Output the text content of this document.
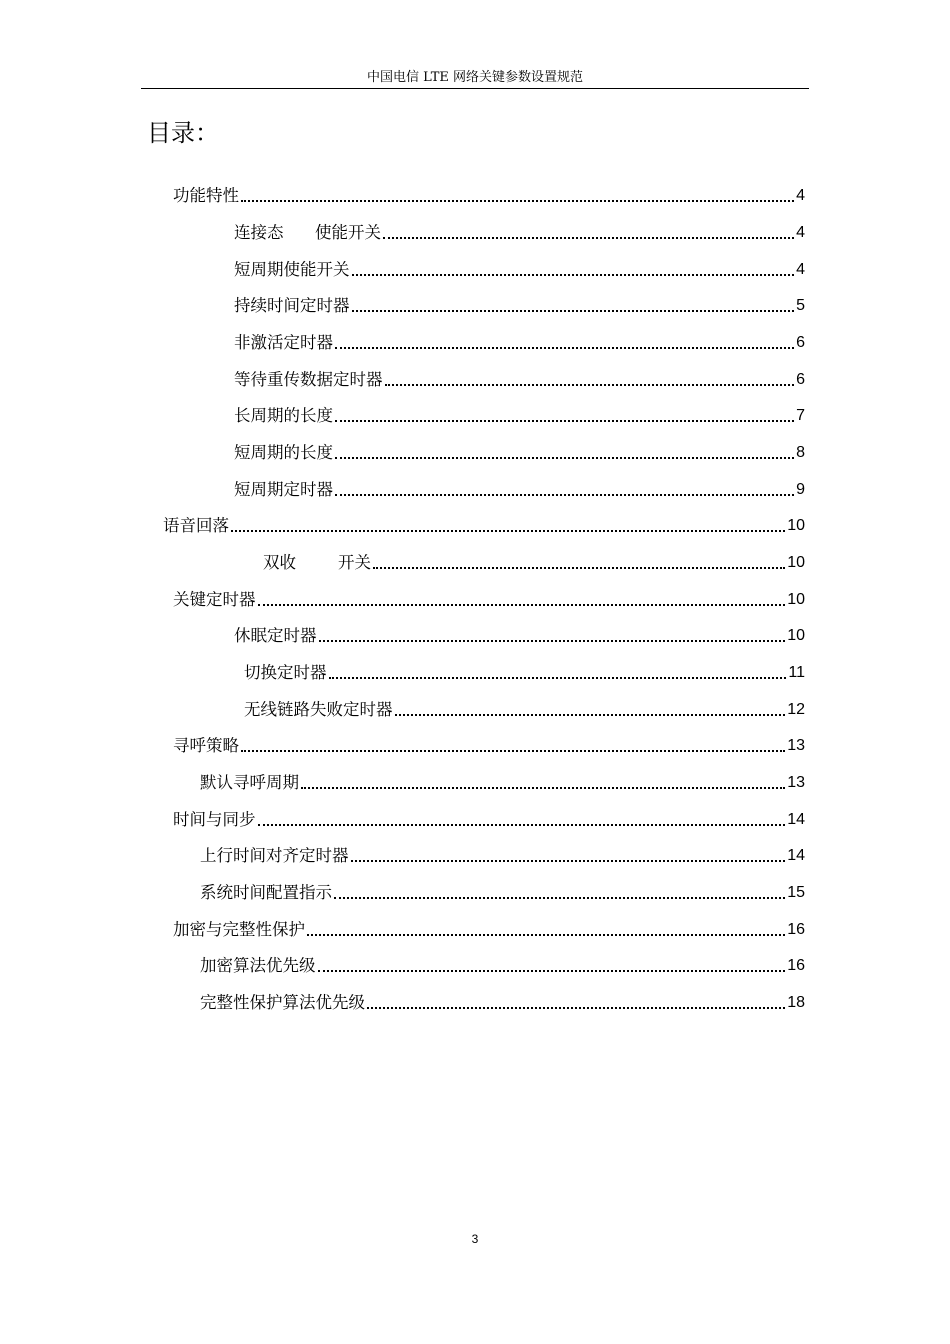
中国电信 LTE 网络关键参数设置规范
目录：
功能特性	4
连接态      使能开关	4
短周期使能开关	4
持续时间定时器	5
非激活定时器	6
等待重传数据定时器	6
长周期的长度	7
短周期的长度	8
短周期定时器	9
语音回落	10
双收        开关	10
关键定时器	10
休眠定时器	10
切换定时器	11
无线链路失败定时器	12
寻呼策略	13
默认寻呼周期	13
时间与同步	14
上行时间对齐定时器	14
系统时间配置指示	15
加密与完整性保护	16
加密算法优先级	16
完整性保护算法优先级	18
3
